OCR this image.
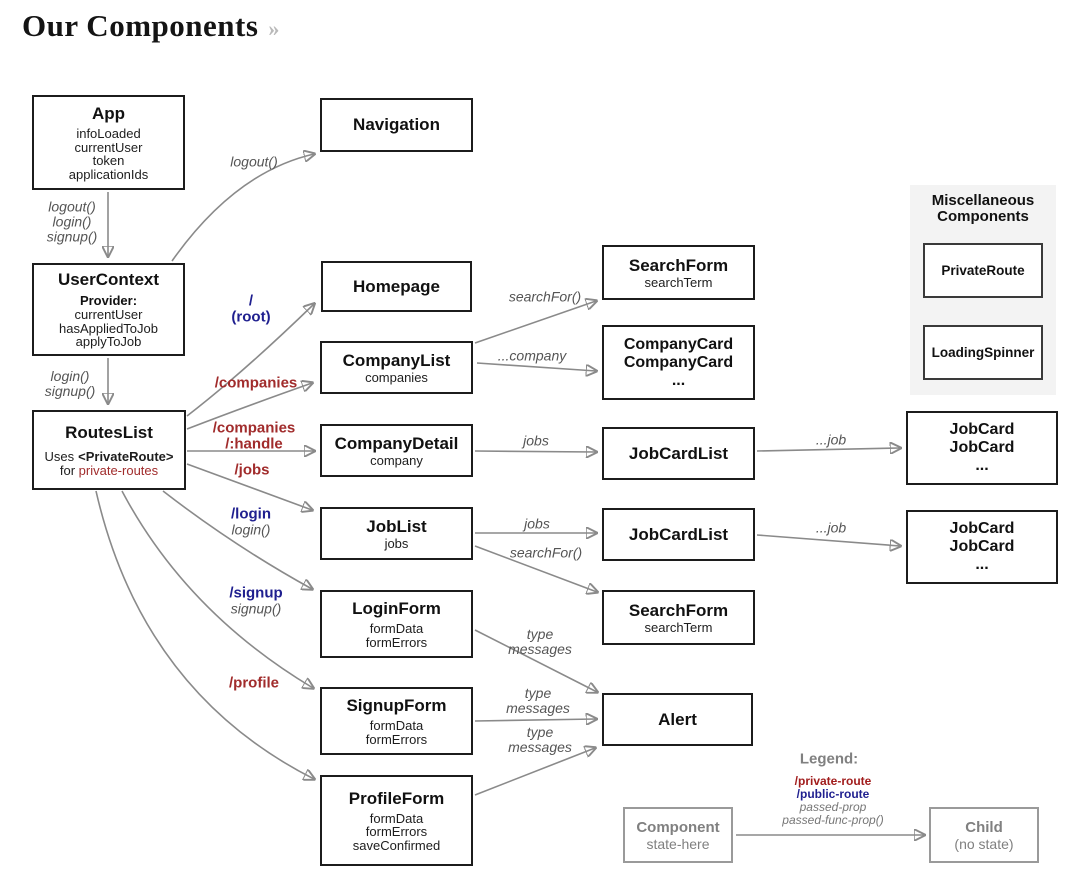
Our Components »
App
infoLoaded
currentUser
token
applicationIds
UserContext
Provider:
currentUser
hasAppliedToJob
applyToJob
RoutesList
Uses <PrivateRoute>
for private-routes
Navigation
Homepage
CompanyList
companies
CompanyDetail
company
JobList
jobs
LoginForm
formData
formErrors
SignupForm
formData
formErrors
ProfileForm
formData
formErrors
saveConfirmed
SearchForm
searchTerm
CompanyCard
CompanyCard
...
JobCardList
JobCardList
SearchForm
searchTerm
Alert
JobCard
JobCard
...
JobCard
JobCard
...
Miscellaneous Components
PrivateRoute
LoadingSpinner
logout()
login()
signup()
logout()
login()
signup()
/
(root)
/companies
/companies
/:handle
/jobs
/login
login()
/signup
signup()
/profile
searchFor()
...company
jobs	...job
jobs
searchFor()
...job
type
messages
type
messages
type
messages
Legend:
/private-route
/public-route
passed-prop
passed-func-prop()
Component
state-here
Child
(no state)
